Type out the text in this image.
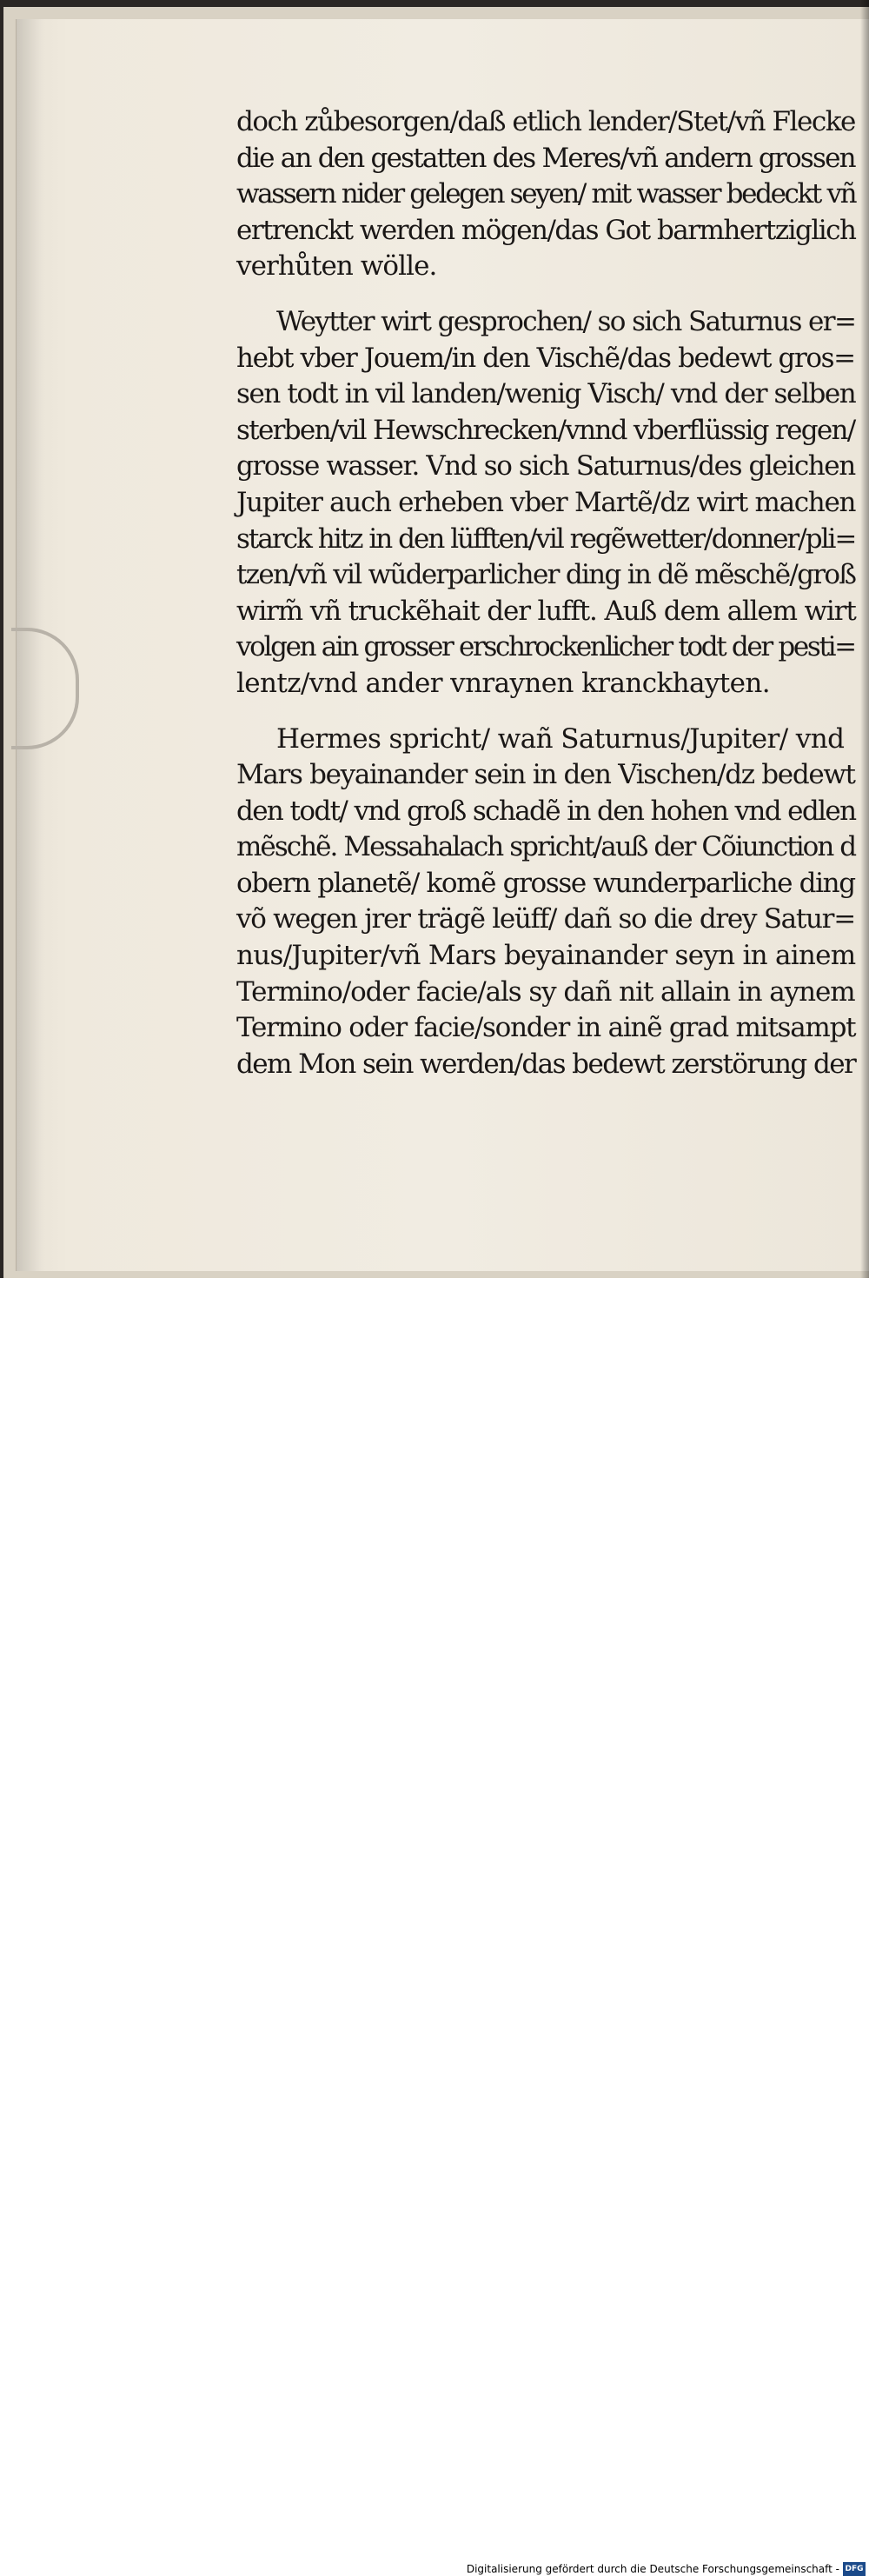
doch zůbesorgen/daß etlich lender/Stet/vñ Flecke
die an den gestatten des Meres/vñ andern grossen
wassern nider gelegen seyen/ mit wasser bedeckt vñ
ertrenckt werden mögen/das Got barmhertziglich
verhůten wölle.
Weytter wirt gesprochen/ so sich Saturnus er=
hebt vber Jouem/in den Vischẽ/das bedewt gros=
sen todt in vil landen/wenig Visch/ vnd der selben
sterben/vil Hewschrecken/vnnd vberflüssig regen/
grosse wasser. Vnd so sich Saturnus/des gleichen
Jupiter auch erheben vber Martẽ/dz wirt machen
starck hitz in den lüfften/vil regẽwetter/donner/pli=
tzen/vñ vil wũderparlicher ding in dẽ mẽschẽ/groß
wirm̃ vñ truckẽhait der lufft. Auß dem allem wirt
volgen ain grosser erschrockenlicher todt der pesti=
lentz/vnd ander vnraynen kranckhayten.
Hermes spricht/ wañ Saturnus/Jupiter/ vnd
Mars beyainander sein in den Vischen/dz bedewt
den todt/ vnd groß schadẽ in den hohen vnd edlen
mẽschẽ. Messahalach spricht/auß der Cõiunction d
obern planetẽ/ komẽ grosse wunderparliche ding
võ wegen jrer trägẽ leüff/ dañ so die drey Satur=
nus/Jupiter/vñ Mars beyainander seyn in ainem
Termino/oder facie/als sy dañ nit allain in aynem
Termino oder facie/sonder in ainẽ grad mitsampt
dem Mon sein werden/das bedewt zerstörung der
Digitalisierung gefördert durch die Deutsche Forschungsgemeinschaft - DFG
